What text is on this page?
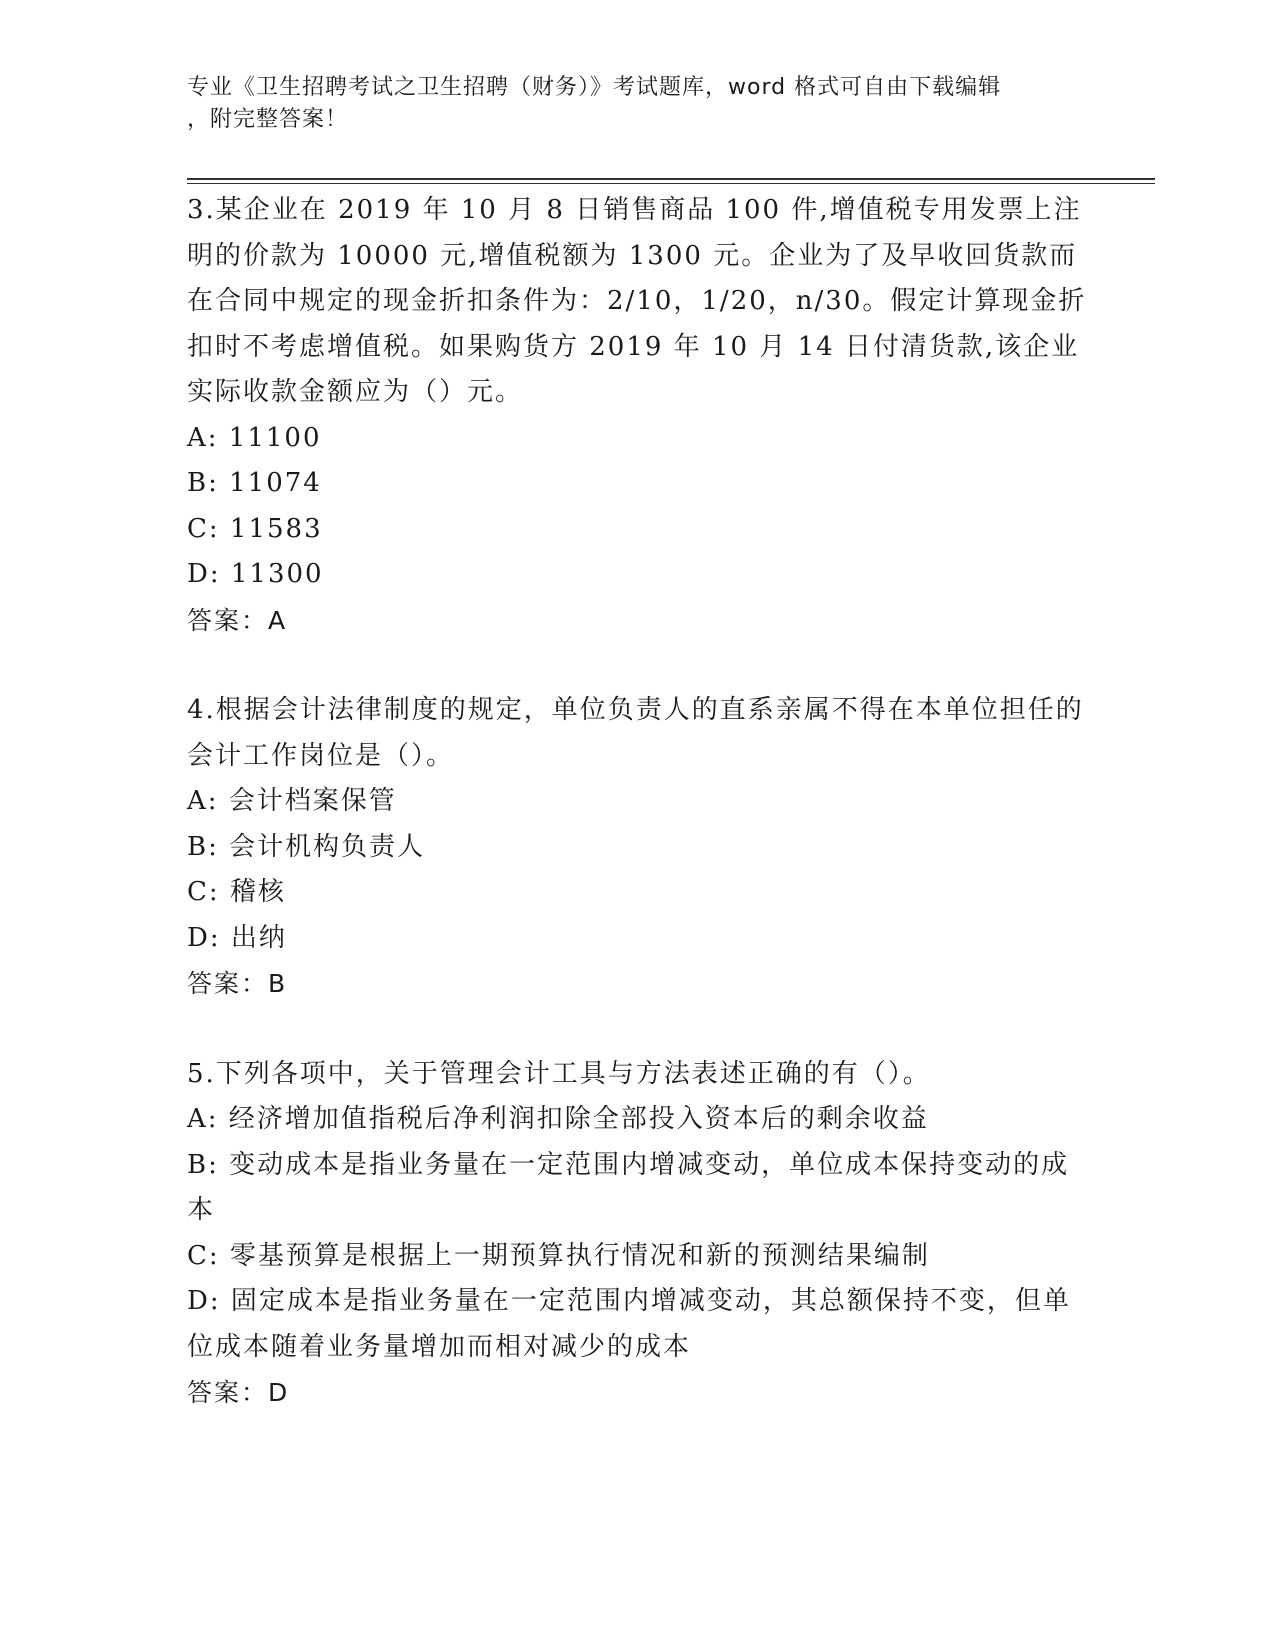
专业《卫生招聘考试之卫生招聘（财务）》考试题库，word 格式可自由下载编辑
，附完整答案！

3.某企业在 2019 年 10 月 8 日销售商品 100 件,增值税专用发票上注明的价款为 10000 元,增值税额为 1300 元。企业为了及早收回货款而在合同中规定的现金折扣条件为：2/10，1/20，n/30。假定计算现金折扣时不考虑增值税。如果购货方 2019 年 10 月 14 日付清货款,该企业实际收款金额应为（）元。

A: 11100

B: 11074

C: 11583

D: 11300

答案：A

4.根据会计法律制度的规定，单位负责人的直系亲属不得在本单位担任的会计工作岗位是（）。

A: 会计档案保管

B: 会计机构负责人

C: 稽核

D: 出纳

答案：B

5.下列各项中，关于管理会计工具与方法表述正确的有（）。

A: 经济增加值指税后净利润扣除全部投入资本后的剩余收益

B: 变动成本是指业务量在一定范围内增减变动，单位成本保持变动的成本

C: 零基预算是根据上一期预算执行情况和新的预测结果编制

D: 固定成本是指业务量在一定范围内增减变动，其总额保持不变，但单位成本随着业务量增加而相对减少的成本

答案：D
